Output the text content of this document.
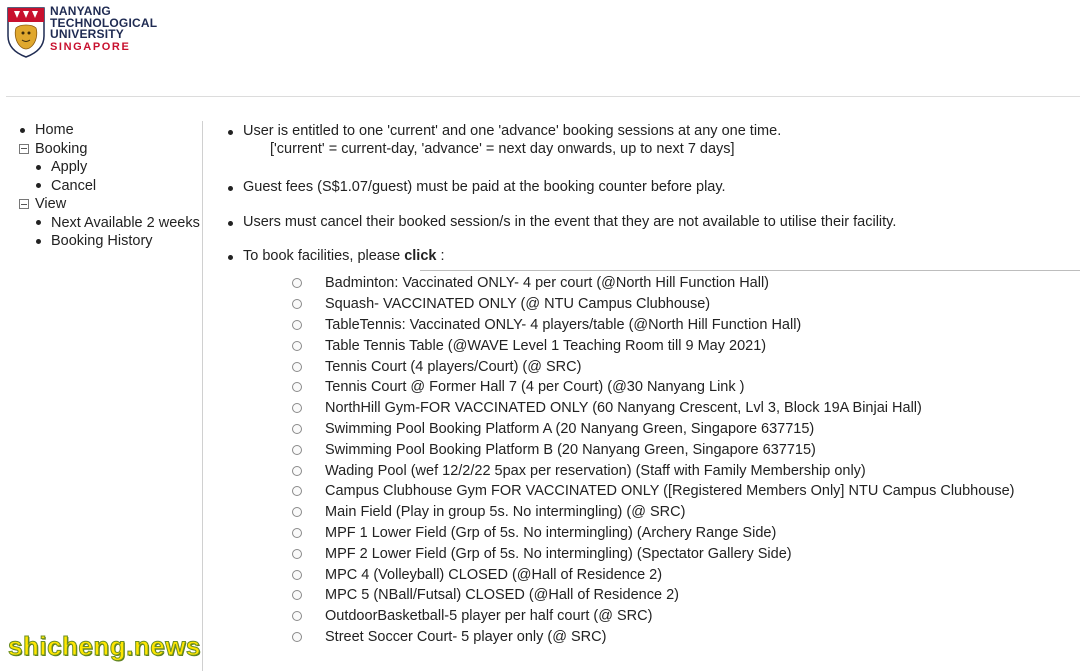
NANYANG
TECHNOLOGICAL
UNIVERSITY
SINGAPORE
Home
Booking
Apply
Cancel
View
Next Available 2 weeks
Booking History
User is entitled to one 'current' and one 'advance' booking sessions at any one time.
['current' = current-day, 'advance' = next day onwards, up to next 7 days]
Guest fees (S$1.07/guest) must be paid at the booking counter before play.
Users must cancel their booked session/s in the event that they are not available to utilise their facility.
To book facilities, please click :
Badminton: Vaccinated ONLY- 4 per court (@North Hill Function Hall)
Squash- VACCINATED ONLY (@ NTU Campus Clubhouse)
TableTennis: Vaccinated ONLY- 4 players/table (@North Hill Function Hall)
Table Tennis Table (@WAVE Level 1 Teaching Room till 9 May 2021)
Tennis Court (4 players/Court) (@ SRC)
Tennis Court @ Former Hall 7 (4 per Court) (@30 Nanyang Link )
NorthHill Gym-FOR VACCINATED ONLY (60 Nanyang Crescent, Lvl 3, Block 19A Binjai Hall)
Swimming Pool Booking Platform A (20 Nanyang Green, Singapore 637715)
Swimming Pool Booking Platform B (20 Nanyang Green, Singapore 637715)
Wading Pool (wef 12/2/22 5pax per reservation) (Staff with Family Membership only)
Campus Clubhouse Gym FOR VACCINATED ONLY ([Registered Members Only] NTU Campus Clubhouse)
Main Field (Play in group 5s. No intermingling) (@ SRC)
MPF 1 Lower Field (Grp of 5s. No intermingling) (Archery Range Side)
MPF 2 Lower Field (Grp of 5s. No intermingling) (Spectator Gallery Side)
MPC 4 (Volleyball) CLOSED (@Hall of Residence 2)
MPC 5 (NBall/Futsal) CLOSED (@Hall of Residence 2)
OutdoorBasketball-5 player per half court (@ SRC)
Street Soccer Court- 5 player only (@ SRC)
shicheng.news
